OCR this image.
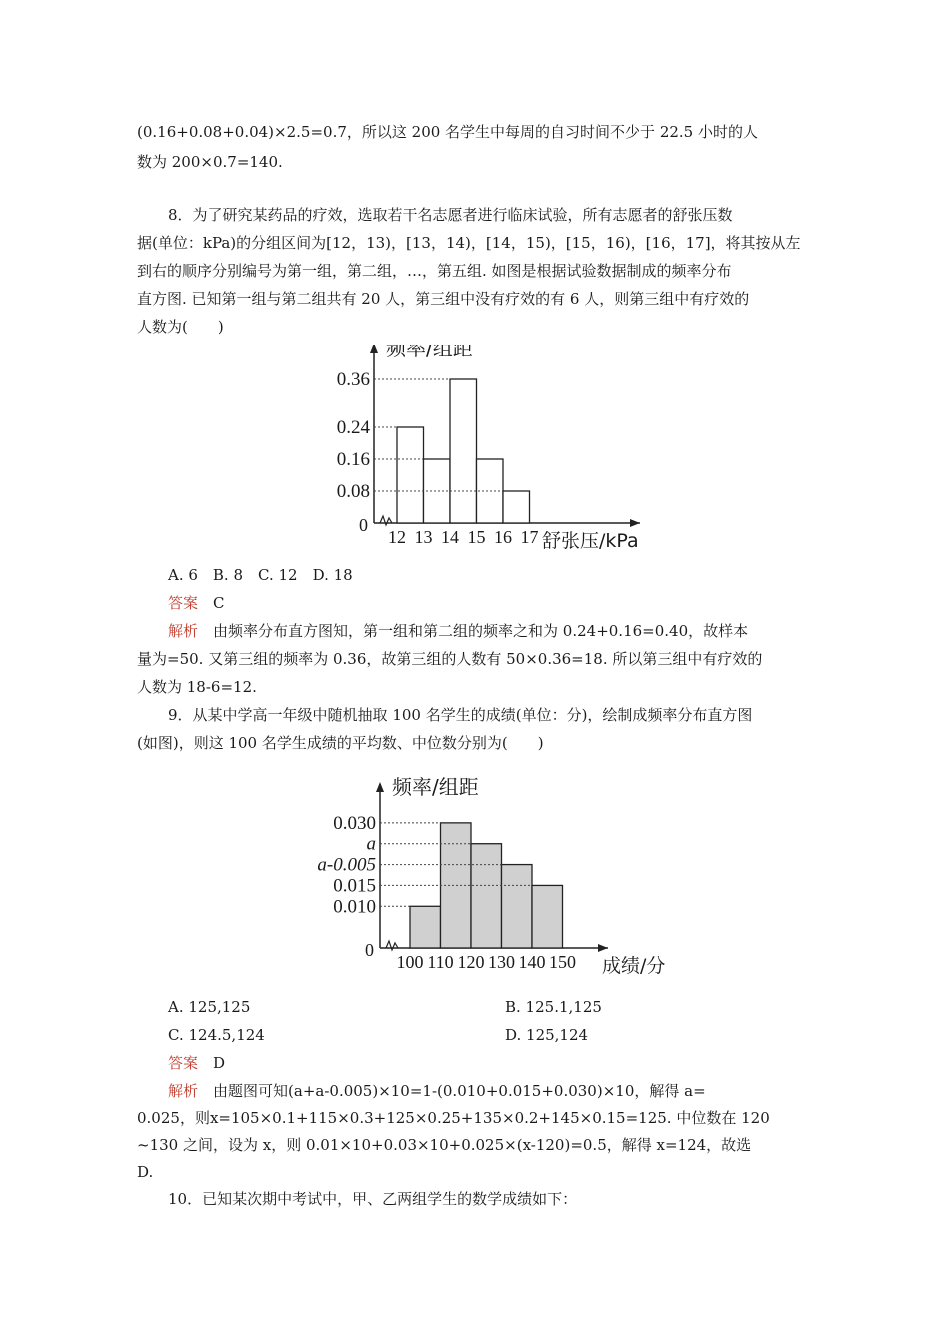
(0.16+0.08+0.04)×2.5=0.7，所以这 200 名学生中每周的自习时间不少于 22.5 小时的人
数为 200×0.7=140.
8．为了研究某药品的疗效，选取若干名志愿者进行临床试验，所有志愿者的舒张压数
据(单位：kPa)的分组区间为[12，13)，[13，14)，[14，15)，[15，16)，[16，17]，将其按从左
到右的顺序分别编号为第一组，第二组，…，第五组. 如图是根据试验数据制成的频率分布
直方图. 已知第一组与第二组共有 20 人，第三组中没有疗效的有 6 人，则第三组中有疗效的
人数为(　　)
频率/组距
舒张压/kPa
0
0.36
0.24
0.16
0.08
12 13 14 15 16 17
A. 6　B. 8　C. 12　D. 18
答案　 C
解析　 由频率分布直方图知，第一组和第二组的频率之和为 0.24+0.16=0.40，故样本
量为=50. 又第三组的频率为 0.36，故第三组的人数有 50×0.36=18. 所以第三组中有疗效的
人数为 18-6=12.
9．从某中学高一年级中随机抽取 100 名学生的成绩(单位：分)，绘制成频率分布直方图
(如图)，则这 100 名学生成绩的平均数、中位数分别为(　　)
频率/组距
成绩/分
0
0.030
a
a-0.005
0.015
0.010
100 110 120 130 140 150
A. 125,125	B. 125.1,125
C. 124.5,124	D. 125,124
答案　 D
解析　 由题图可知(a+a-0.005)×10=1-(0.010+0.015+0.030)×10，解得 a=
0.025，则x=105×0.1+115×0.3+125×0.25+135×0.2+145×0.15=125. 中位数在 120
~130 之间，设为 x，则 0.01×10+0.03×10+0.025×(x-120)=0.5，解得 x=124，故选
D.
10．已知某次期中考试中，甲、乙两组学生的数学成绩如下：
